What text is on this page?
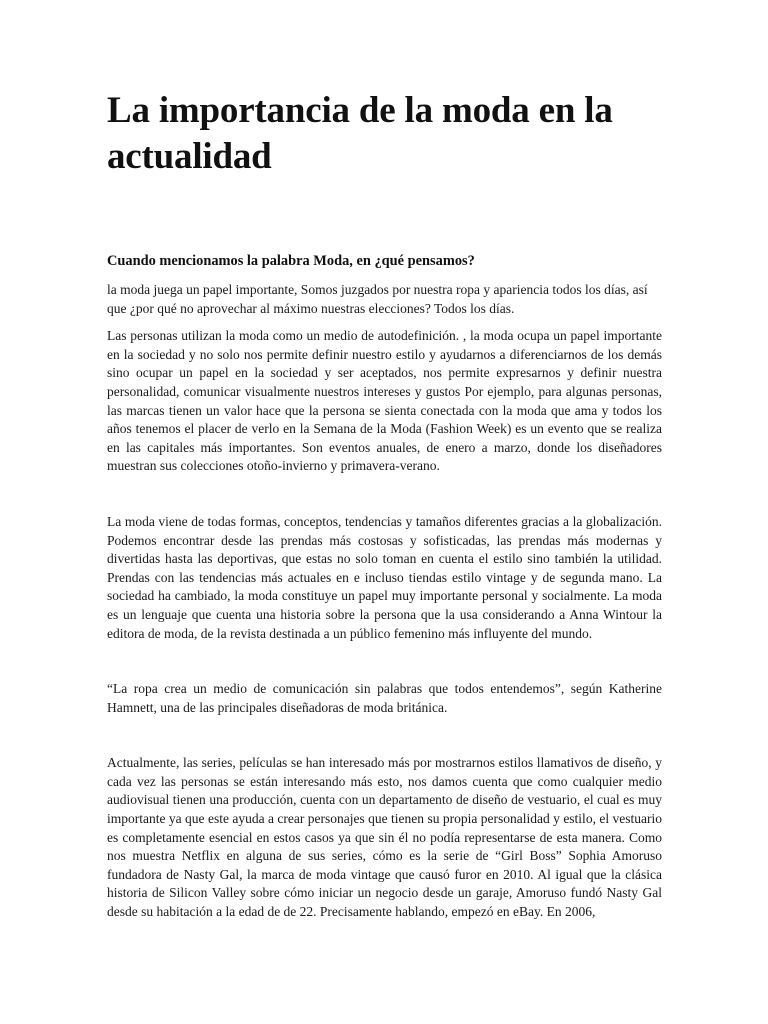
La importancia de la moda en la actualidad
Cuando mencionamos la palabra Moda, en ¿qué pensamos?

la moda juega un papel importante, Somos juzgados por nuestra ropa y apariencia todos los días, así que ¿por qué no aprovechar al máximo nuestras elecciones? Todos los días.

Las personas utilizan la moda como un medio de autodefinición. , la moda ocupa un papel importante en la sociedad y no solo nos permite definir nuestro estilo y ayudarnos a diferenciarnos de los demás sino ocupar un papel en la sociedad y ser aceptados, nos permite expresarnos y definir nuestra personalidad, comunicar visualmente nuestros intereses y gustos Por ejemplo, para algunas personas, las marcas tienen un valor hace que la persona se sienta conectada con la moda que ama y todos los años tenemos el placer de verlo en la Semana de la Moda (Fashion Week) es un evento que se realiza en las capitales más importantes. Son eventos anuales, de enero a marzo, donde los diseñadores muestran sus colecciones otoño-invierno y primavera-verano.

La moda viene de todas formas, conceptos, tendencias y tamaños diferentes gracias a la globalización. Podemos encontrar desde las prendas más costosas y sofisticadas, las prendas más modernas y divertidas hasta las deportivas, que estas no solo toman en cuenta el estilo sino también la utilidad. Prendas con las tendencias más actuales en e incluso tiendas estilo vintage y de segunda mano. La sociedad ha cambiado, la moda constituye un papel muy importante personal y socialmente. La moda es un lenguaje que cuenta una historia sobre la persona que la usa considerando a Anna Wintour la editora de moda, de la revista destinada a un público femenino más influyente del mundo.

“La ropa crea un medio de comunicación sin palabras que todos entendemos”, según Katherine Hamnett, una de las principales diseñadoras de moda británica.

Actualmente, las series, películas se han interesado más por mostrarnos estilos llamativos de diseño, y cada vez las personas se están interesando más esto, nos damos cuenta que como cualquier medio audiovisual tienen una producción, cuenta con un departamento de diseño de vestuario, el cual es muy importante ya que este ayuda a crear personajes que tienen su propia personalidad y estilo, el vestuario es completamente esencial en estos casos ya que sin él no podía representarse de esta manera. Como nos muestra Netflix en alguna de sus series, cómo es la serie de “Girl Boss” Sophia Amoruso fundadora de Nasty Gal, la marca de moda vintage que causó furor en 2010. Al igual que la clásica historia de Silicon Valley sobre cómo iniciar un negocio desde un garaje, Amoruso fundó Nasty Gal desde su habitación a la edad de de 22. Precisamente hablando, empezó en eBay. En 2006,
